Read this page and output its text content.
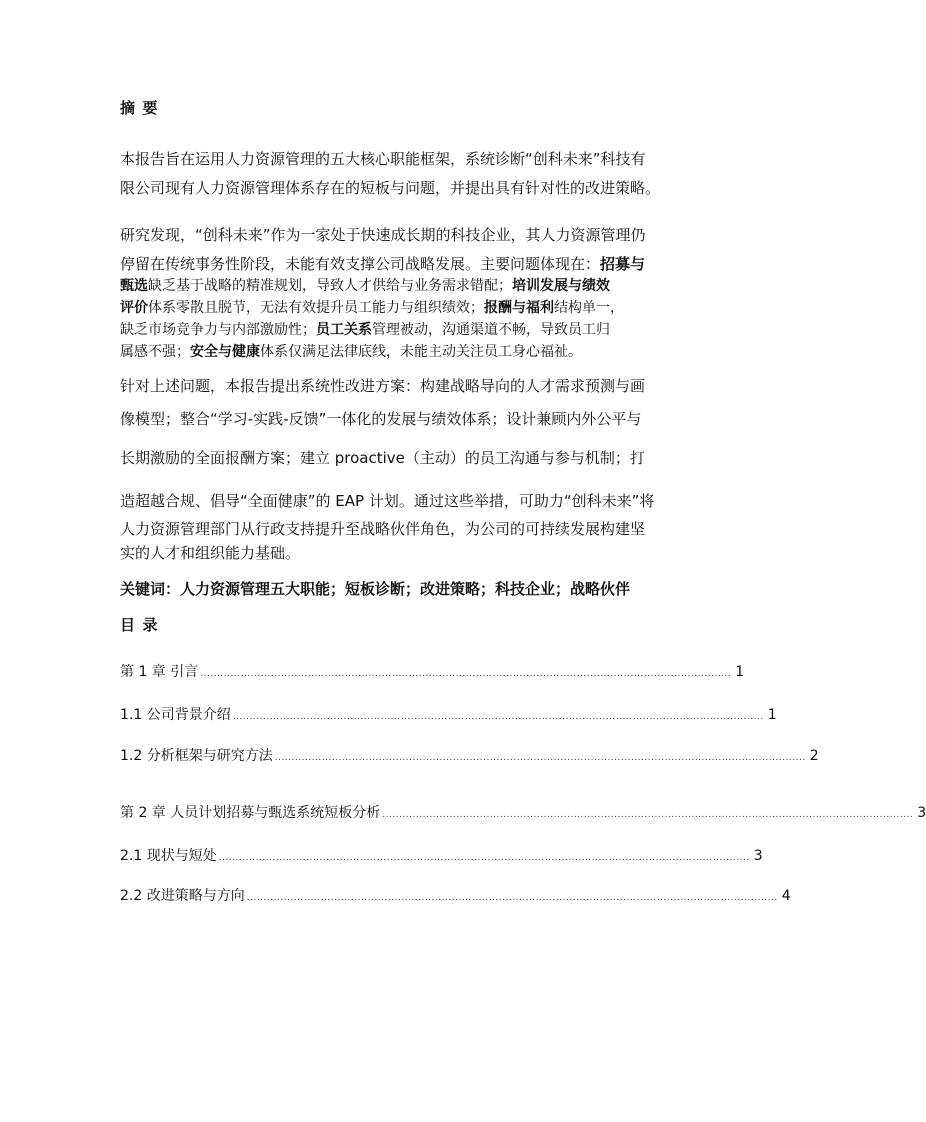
摘要
本报告旨在运用人力资源管理的五大核心职能框架，系统诊断“创科未来”科技有
限公司现有人力资源管理体系存在的短板与问题，并提出具有针对性的改进策略。
研究发现，“创科未来”作为一家处于快速成长期的科技企业，其人力资源管理仍
停留在传统事务性阶段，未能有效支撑公司战略发展。主要问题体现在：招募与
甄选缺乏基于战略的精准规划，导致人才供给与业务需求错配；培训发展与绩效
评价体系零散且脱节，无法有效提升员工能力与组织绩效；报酬与福利结构单一，
缺乏市场竞争力与内部激励性；员工关系管理被动，沟通渠道不畅，导致员工归
属感不强；安全与健康体系仅满足法律底线，未能主动关注员工身心福祉。
针对上述问题，本报告提出系统性改进方案：构建战略导向的人才需求预测与画
像模型；整合“学习-实践-反馈”一体化的发展与绩效体系；设计兼顾内外公平与
长期激励的全面报酬方案；建立 proactive（主动）的员工沟通与参与机制；打
造超越合规、倡导“全面健康”的 EAP 计划。通过这些举措，可助力“创科未来”将
人力资源管理部门从行政支持提升至战略伙伴角色，为公司的可持续发展构建坚
实的人才和组织能力基础。
关键词：人力资源管理五大职能；短板诊断；改进策略；科技企业；战略伙伴
目录
第 1 章 引言 .............................................................................................................................................................. 1
1.1 公司背景介绍 .............................................................................................................................................................. 1
1.2 分析框架与研究方法 .............................................................................................................................................................. 2
第 2 章 人员计划招募与甄选系统短板分析 .............................................................................................................................................................. 3
2.1 现状与短处 .............................................................................................................................................................. 3
2.2 改进策略与方向 .............................................................................................................................................................. 4
